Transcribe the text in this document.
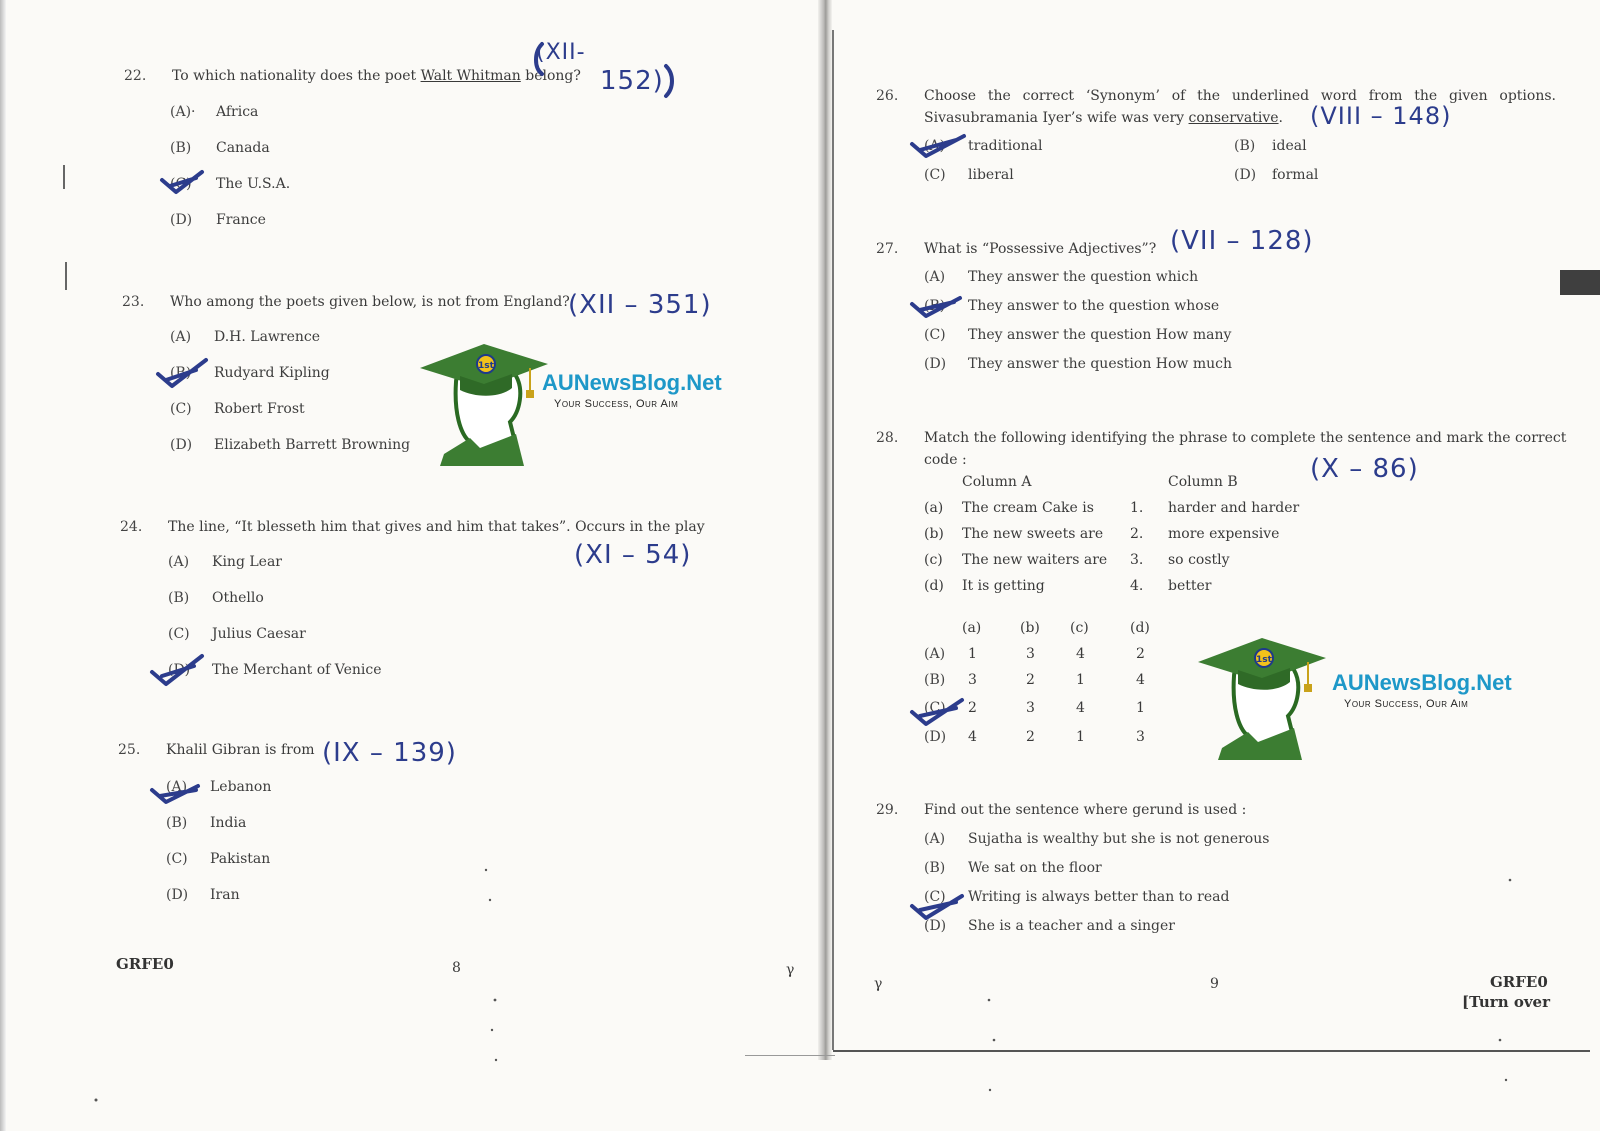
22. To which nationality does the poet Walt Whitman belong?
(XII-
152)
(A)· Africa
(B) Canada
(C) The U.S.A.
(D) France
23. Who among the poets given below, is not from England?
(XII – 351)
(A) D.H. Lawrence
(B) Rudyard Kipling
(C) Robert Frost
(D) Elizabeth Barrett Browning
24. The line, “It blesseth him that gives and him that takes”. Occurs in the play
(XI – 54)
(A) King Lear
(B) Othello
(C) Julius Caesar
(D) The Merchant of Venice
25. Khalil Gibran is from (IX – 139)
(A) Lebanon
(B) India
(C) Pakistan
(D) Iran
GRFE0	8	γ
26. Choose the correct ‘Synonym’ of the underlined word from the given options.
Sivasubramania Iyer’s wife was very conservative. (VIII – 148)
(A) traditional	(B) ideal
(C) liberal	(D) formal
27. What is “Possessive Adjectives”? (VII – 128)
(A) They answer the question which
(B) They answer to the question whose
(C) They answer the question How many
(D) They answer the question How much
28. Match the following identifying the phrase to complete the sentence and mark the correct
code :	(X – 86)
Column A	Column B
(a) The cream Cake is	1. harder and harder
(b) The new sweets are 2. more expensive
(c) The new waiters are 3. so costly
(d) It is getting	4. better
(a)	(b) (c)	(d)
(A) 1	3	4	2
(B) 3	2	1	4
(C) 2	3	4	1
(D) 4	2	1	3
29. Find out the sentence where gerund is used :
(A) Sujatha is wealthy but she is not generous
(B) We sat on the floor
(C) Writing is always better than to read
(D) She is a teacher and a singer
γ	9	GRFE0
[Turn over
1st
AUNewsBlog.Net
Your Success, Our Aim
1st
AUNewsBlog.Net
Your Success, Our Aim
